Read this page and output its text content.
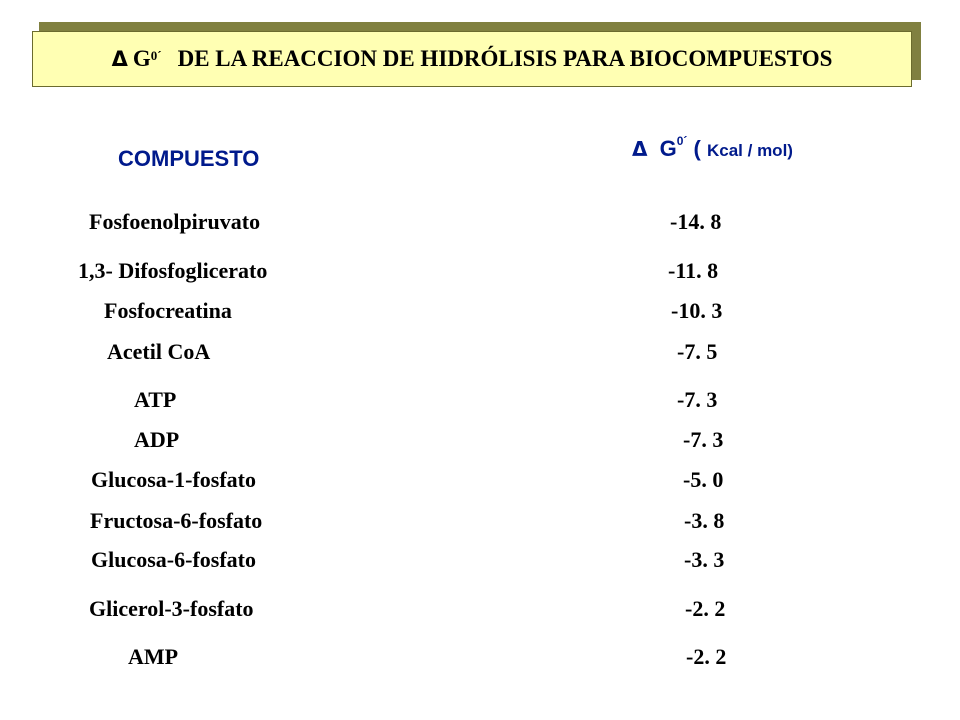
Δ $G^{0´}$ DE LA REACCION DE HIDRÓLISIS PARA BIOCOMPUESTOS
COMPUESTO	Δ $G^{0´}$ ( Kcal / mol)
Fosfoenolpiruvato	-14. 8
1,3- Difosfoglicerato	-11. 8
Fosfocreatina	-10. 3
Acetil CoA	-7. 5
ATP	-7. 3
ADP	-7. 3
Glucosa-1-fosfato	-5. 0
Fructosa-6-fosfato	-3. 8
Glucosa-6-fosfato	-3. 3
Glicerol-3-fosfato	-2. 2
AMP	-2. 2
